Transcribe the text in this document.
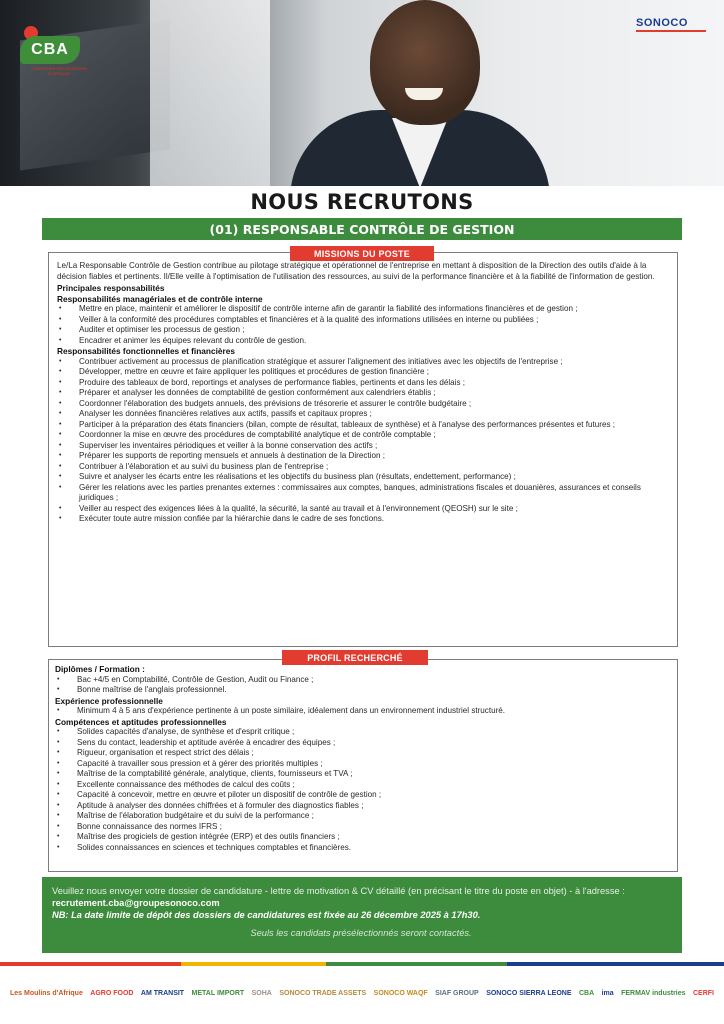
CBA
COMPAGNIE DES BOISSONS D'AFRIQUE
SONOCO
NOUS RECRUTONS
(01) RESPONSABLE CONTRÔLE DE GESTION
MISSIONS DU POSTE

Le/La Responsable Contrôle de Gestion contribue au pilotage stratégique et opérationnel de l'entreprise en mettant à disposition de la Direction des outils d'aide à la décision fiables et pertinents. Il/Elle veille à l'optimisation de l'utilisation des ressources, au suivi de la performance financière et à la fiabilité de l'information de gestion.

Principales responsabilités
Responsabilités managériales et de contrôle interne
• Mettre en place, maintenir et améliorer le dispositif de contrôle interne afin de garantir la fiabilité des informations financières et de gestion ;
• Veiller à la conformité des procédures comptables et financières et à la qualité des informations utilisées en interne ou publiées ;
• Auditer et optimiser les processus de gestion ;
• Encadrer et animer les équipes relevant du contrôle de gestion.
Responsabilités fonctionnelles et financières
• Contribuer activement au processus de planification stratégique et assurer l'alignement des initiatives avec les objectifs de l'entreprise ;
• Développer, mettre en œuvre et faire appliquer les politiques et procédures de gestion financière ;
• Produire des tableaux de bord, reportings et analyses de performance fiables, pertinents et dans les délais ;
• Préparer et analyser les données de comptabilité de gestion conformément aux calendriers établis ;
• Coordonner l'élaboration des budgets annuels, des prévisions de trésorerie et assurer le contrôle budgétaire ;
• Analyser les données financières relatives aux actifs, passifs et capitaux propres ;
• Participer à la préparation des états financiers (bilan, compte de résultat, tableaux de synthèse) et à l'analyse des performances présentes et futures ;
• Coordonner la mise en œuvre des procédures de comptabilité analytique et de contrôle comptable ;
• Superviser les inventaires périodiques et veiller à la bonne conservation des actifs ;
• Préparer les supports de reporting mensuels et annuels à destination de la Direction ;
• Contribuer à l'élaboration et au suivi du business plan de l'entreprise ;
• Suivre et analyser les écarts entre les réalisations et les objectifs du business plan (résultats, endettement, performance) ;
• Gérer les relations avec les parties prenantes externes : commissaires aux comptes, banques, administrations fiscales et douanières, assurances et conseils juridiques ;
• Veiller au respect des exigences liées à la qualité, la sécurité, la santé au travail et à l'environnement (QEOSH) sur le site ;
• Exécuter toute autre mission confiée par la hiérarchie dans le cadre de ses fonctions.
PROFIL RECHERCHÉ
Diplômes / Formation :
• Bac +4/5 en Comptabilité, Contrôle de Gestion, Audit ou Finance ;
• Bonne maîtrise de l'anglais professionnel.
Expérience professionnelle
• Minimum 4 à 5 ans d'expérience pertinente à un poste similaire, idéalement dans un environnement industriel structuré.
Compétences et aptitudes professionnelles
• Solides capacités d'analyse, de synthèse et d'esprit critique ;
• Sens du contact, leadership et aptitude avérée à encadrer des équipes ;
• Rigueur, organisation et respect strict des délais ;
• Capacité à travailler sous pression et à gérer des priorités multiples ;
• Maîtrise de la comptabilité générale, analytique, clients, fournisseurs et TVA ;
• Excellente connaissance des méthodes de calcul des coûts ;
• Capacité à concevoir, mettre en œuvre et piloter un dispositif de contrôle de gestion ;
• Aptitude à analyser des données chiffrées et à formuler des diagnostics fiables ;
• Maîtrise de l'élaboration budgétaire et du suivi de la performance ;
• Bonne connaissance des normes IFRS ;
• Maîtrise des progiciels de gestion intégrée (ERP) et des outils financiers ;
• Solides connaissances en sciences et techniques comptables et financières.
Veuillez nous envoyer votre dossier de candidature - lettre de motivation & CV détaillé (en précisant le titre du poste en objet) - à l'adresse : recrutement.cba@groupesonoco.com
NB: La date limite de dépôt des dossiers de candidatures est fixée au 26 décembre 2025 à 17h30.
Seuls les candidats présélectionnés seront contactés.
Les Moulins d'Afrique AGRO FOOD AM TRANSIT METAL IMPORT SOHA SONOCO TRADE ASSETS SONOCO WAQF SIAF GROUP SONOCO SIERRA LEONE CBA ima FERMAV industries CERFI
